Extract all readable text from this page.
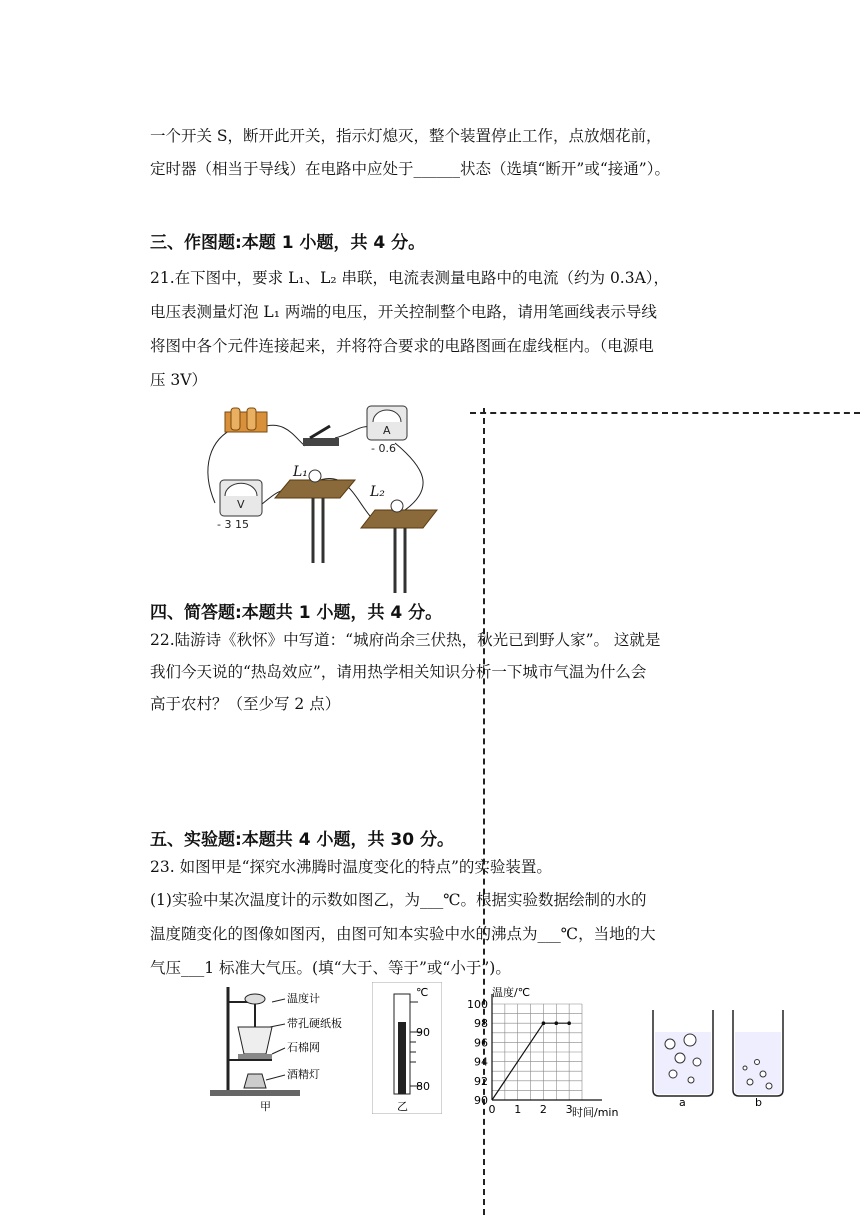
一个开关 S，断开此开关，指示灯熄灭，整个装置停止工作，点放烟花前，
定时器（相当于导线）在电路中应处于______状态（选填“断开”或“接通”）。
三、作图题:本题 1 小题，共 4 分。
21.在下图中，要求 L₁、L₂ 串联，电流表测量电路中的电流（约为 0.3A），
电压表测量灯泡 L₁ 两端的电压，开关控制整个电路，请用笔画线表示导线
将图中各个元件连接起来，并将符合要求的电路图画在虚线框内。（电源电
压 3V）
A
- 0.6
V
- 3 15
L₁
L₂
四、简答题:本题共 1 小题，共 4 分。
22.陆游诗《秋怀》中写道：“城府尚余三伏热，秋光已到野人家”。 这就是
我们今天说的“热岛效应”，请用热学相关知识分析一下城市气温为什么会
高于农村？（至少写 2 点）
五、实验题:本题共 4 小题，共 30 分。
23. 如图甲是“探究水沸腾时温度变化的特点”的实验装置。
(1)实验中某次温度计的示数如图乙，为___℃。根据实验数据绘制的水的
温度随变化的图像如图丙，由图可知本实验中水的沸点为___℃，当地的大
气压___1 标准大气压。(填“大于、等于”或“小于”)。
温度计
带孔硬纸板
石棉网
酒精灯
甲
℃
90
80
乙
温度/℃
时间/min
100
98
96
94
92
90
0 1 2 3
a	b
